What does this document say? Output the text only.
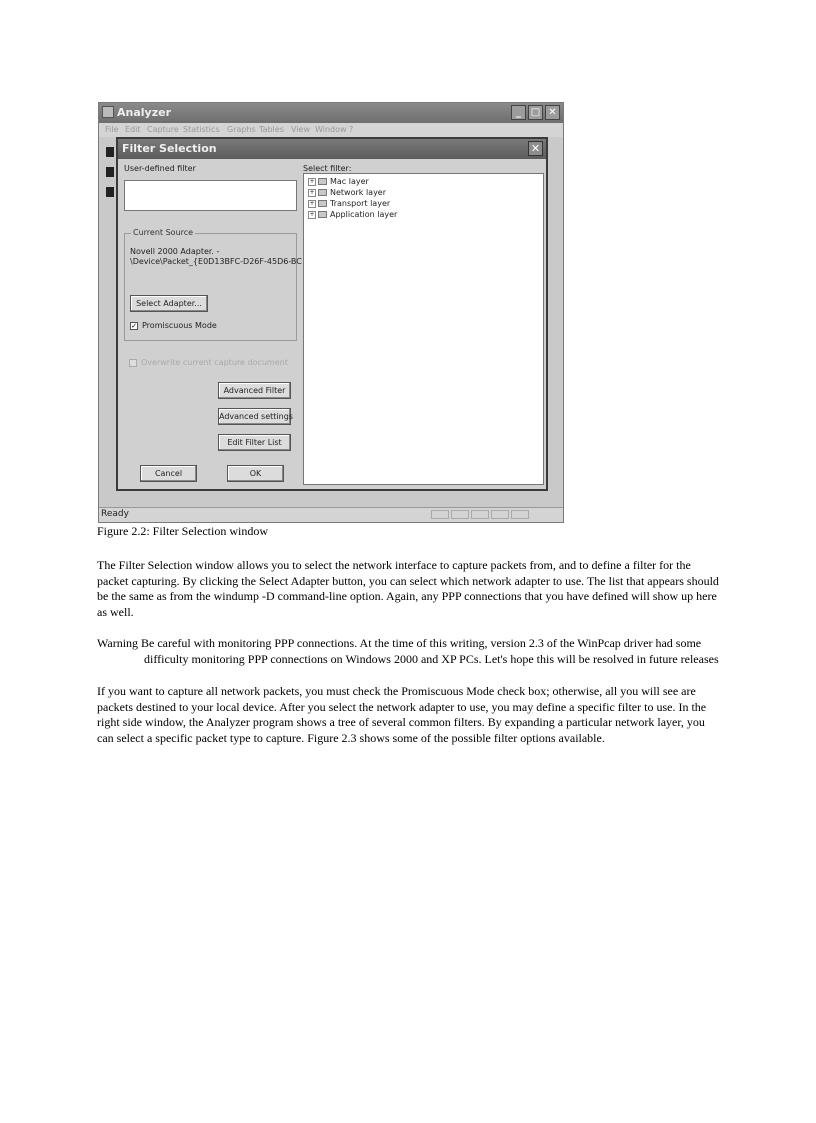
Analyzer	_ □ ✕
File Edit Capture Statistics Graphs Tables View Window ?
Filter Selection	✕
User-defined filter
Current Source
Novell 2000 Adapter. -
\Device\Packet_{E0D13BFC-D26F-45D6-BC
Select Adapter...
✓ Promiscuous Mode
Overwrite current capture document
Advanced Filter
Advanced settings
Edit Filter List
Cancel	OK
Select filter:
+ Mac layer
+ Network layer
+ Transport layer
+ Application layer
Ready
Figure 2.2: Filter Selection window

The Filter Selection window allows you to select the network interface to capture packets from, and to define a filter for the packet capturing. By clicking the Select Adapter button, you can select which network adapter to use. The list that appears should be the same as from the windump -D command-line option. Again, any PPP connections that you have defined will show up here as well.

Warning Be careful with monitoring PPP connections. At the time of this writing, version 2.3 of the WinPcap driver had some
difficulty monitoring PPP connections on Windows 2000 and XP PCs. Let's hope this will be resolved in future releases

If you want to capture all network packets, you must check the Promiscuous Mode check box; otherwise, all you will see are packets destined to your local device. After you select the network adapter to use, you may define a specific filter to use. In the right side window, the Analyzer program shows a tree of several common filters. By expanding a particular network layer, you can select a specific packet type to capture. Figure 2.3 shows some of the possible filter options available.
